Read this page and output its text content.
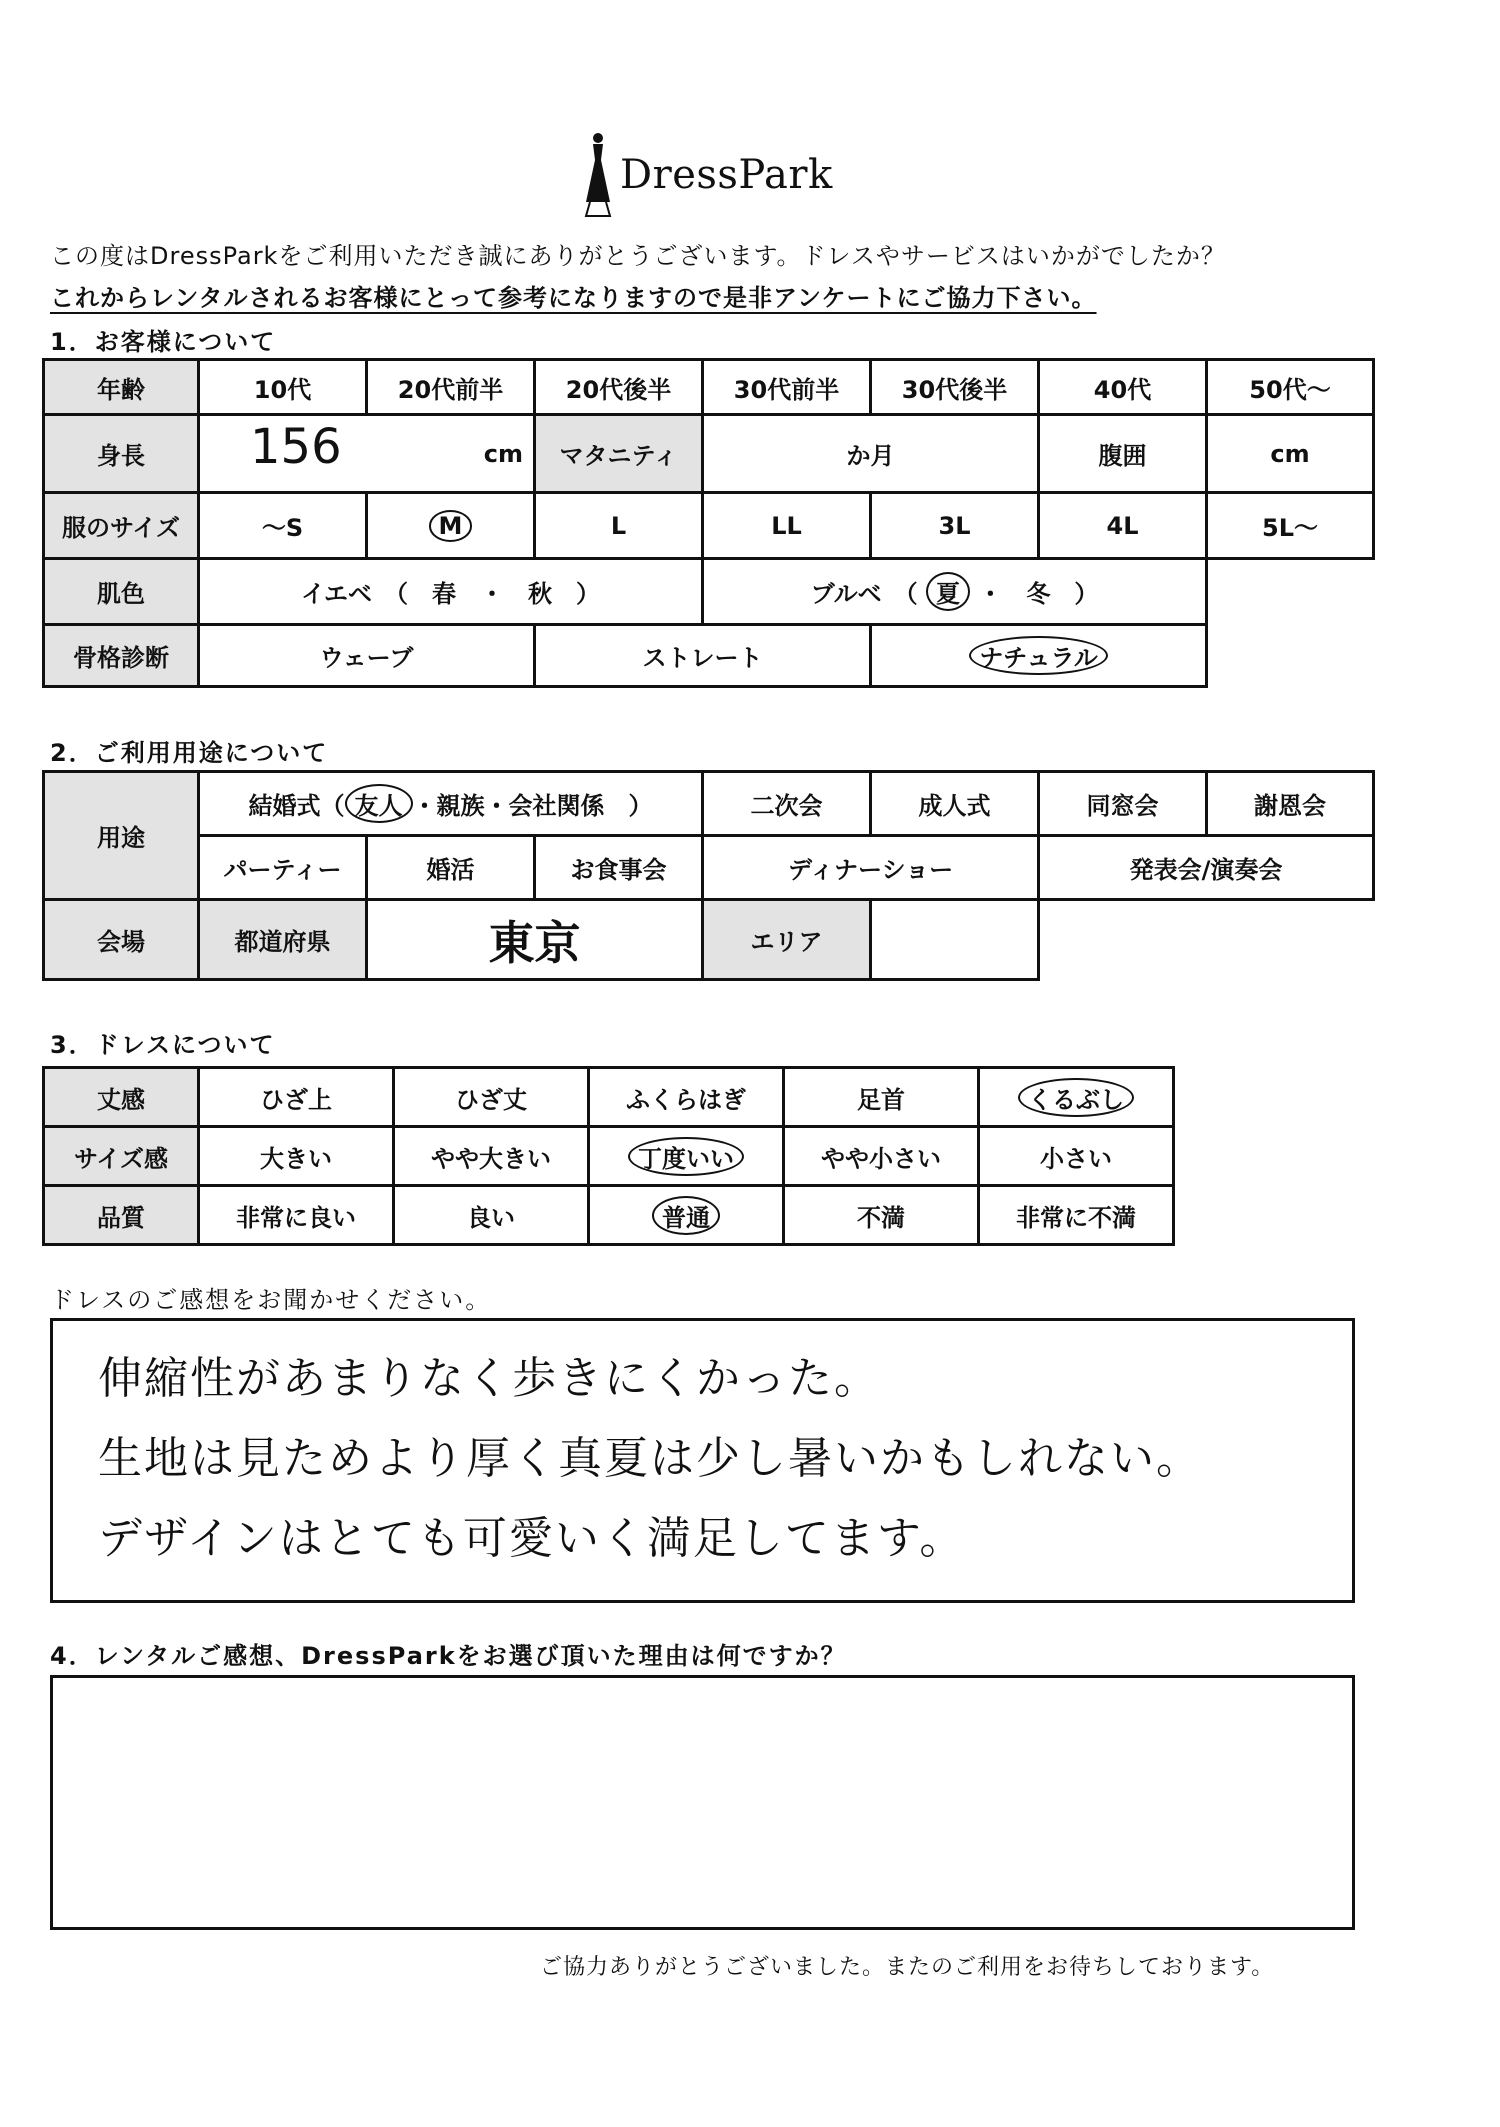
DressPark
この度はDressParkをご利用いただき誠にありがとうございます。ドレスやサービスはいかがでしたか？
これからレンタルされるお客様にとって参考になりますので是非アンケートにご協力下さい。
1．お客様について
年齢	10代	20代前半	20代後半	30代前半	30代後半	40代	50代～
身長	156 cm		マタニティ	か月		腹囲	cm
服のサイズ	～S	M	L	LL	3L	4L	5L～
肌色	イエベ　（　春　・　秋　）			ブルベ　（ 夏 ・　冬　）			
骨格診断	ウェーブ		ストレート		ナチュラル		
2．ご利用用途について
用途	結婚式（ 友人 ・親族・会社関係　）			二次会	成人式	同窓会	謝恩会
	パーティー	婚活	お食事会	ディナーショー		発表会/演奏会	
会場	都道府県	東京		エリア			
3．ドレスについて
丈感	ひざ上	ひざ丈	ふくらはぎ	足首	くるぶし
サイズ感	大きい	やや大きい	丁度いい	やや小さい	小さい
品質	非常に良い	良い	普通	不満	非常に不満
ドレスのご感想をお聞かせください。
伸縮性があまりなく歩きにくかった。
生地は見ためより厚く真夏は少し暑いかもしれない。
デザインはとても可愛いく満足してます。
4．レンタルご感想、DressParkをお選び頂いた理由は何ですか？
ご協力ありがとうございました。またのご利用をお待ちしております。
